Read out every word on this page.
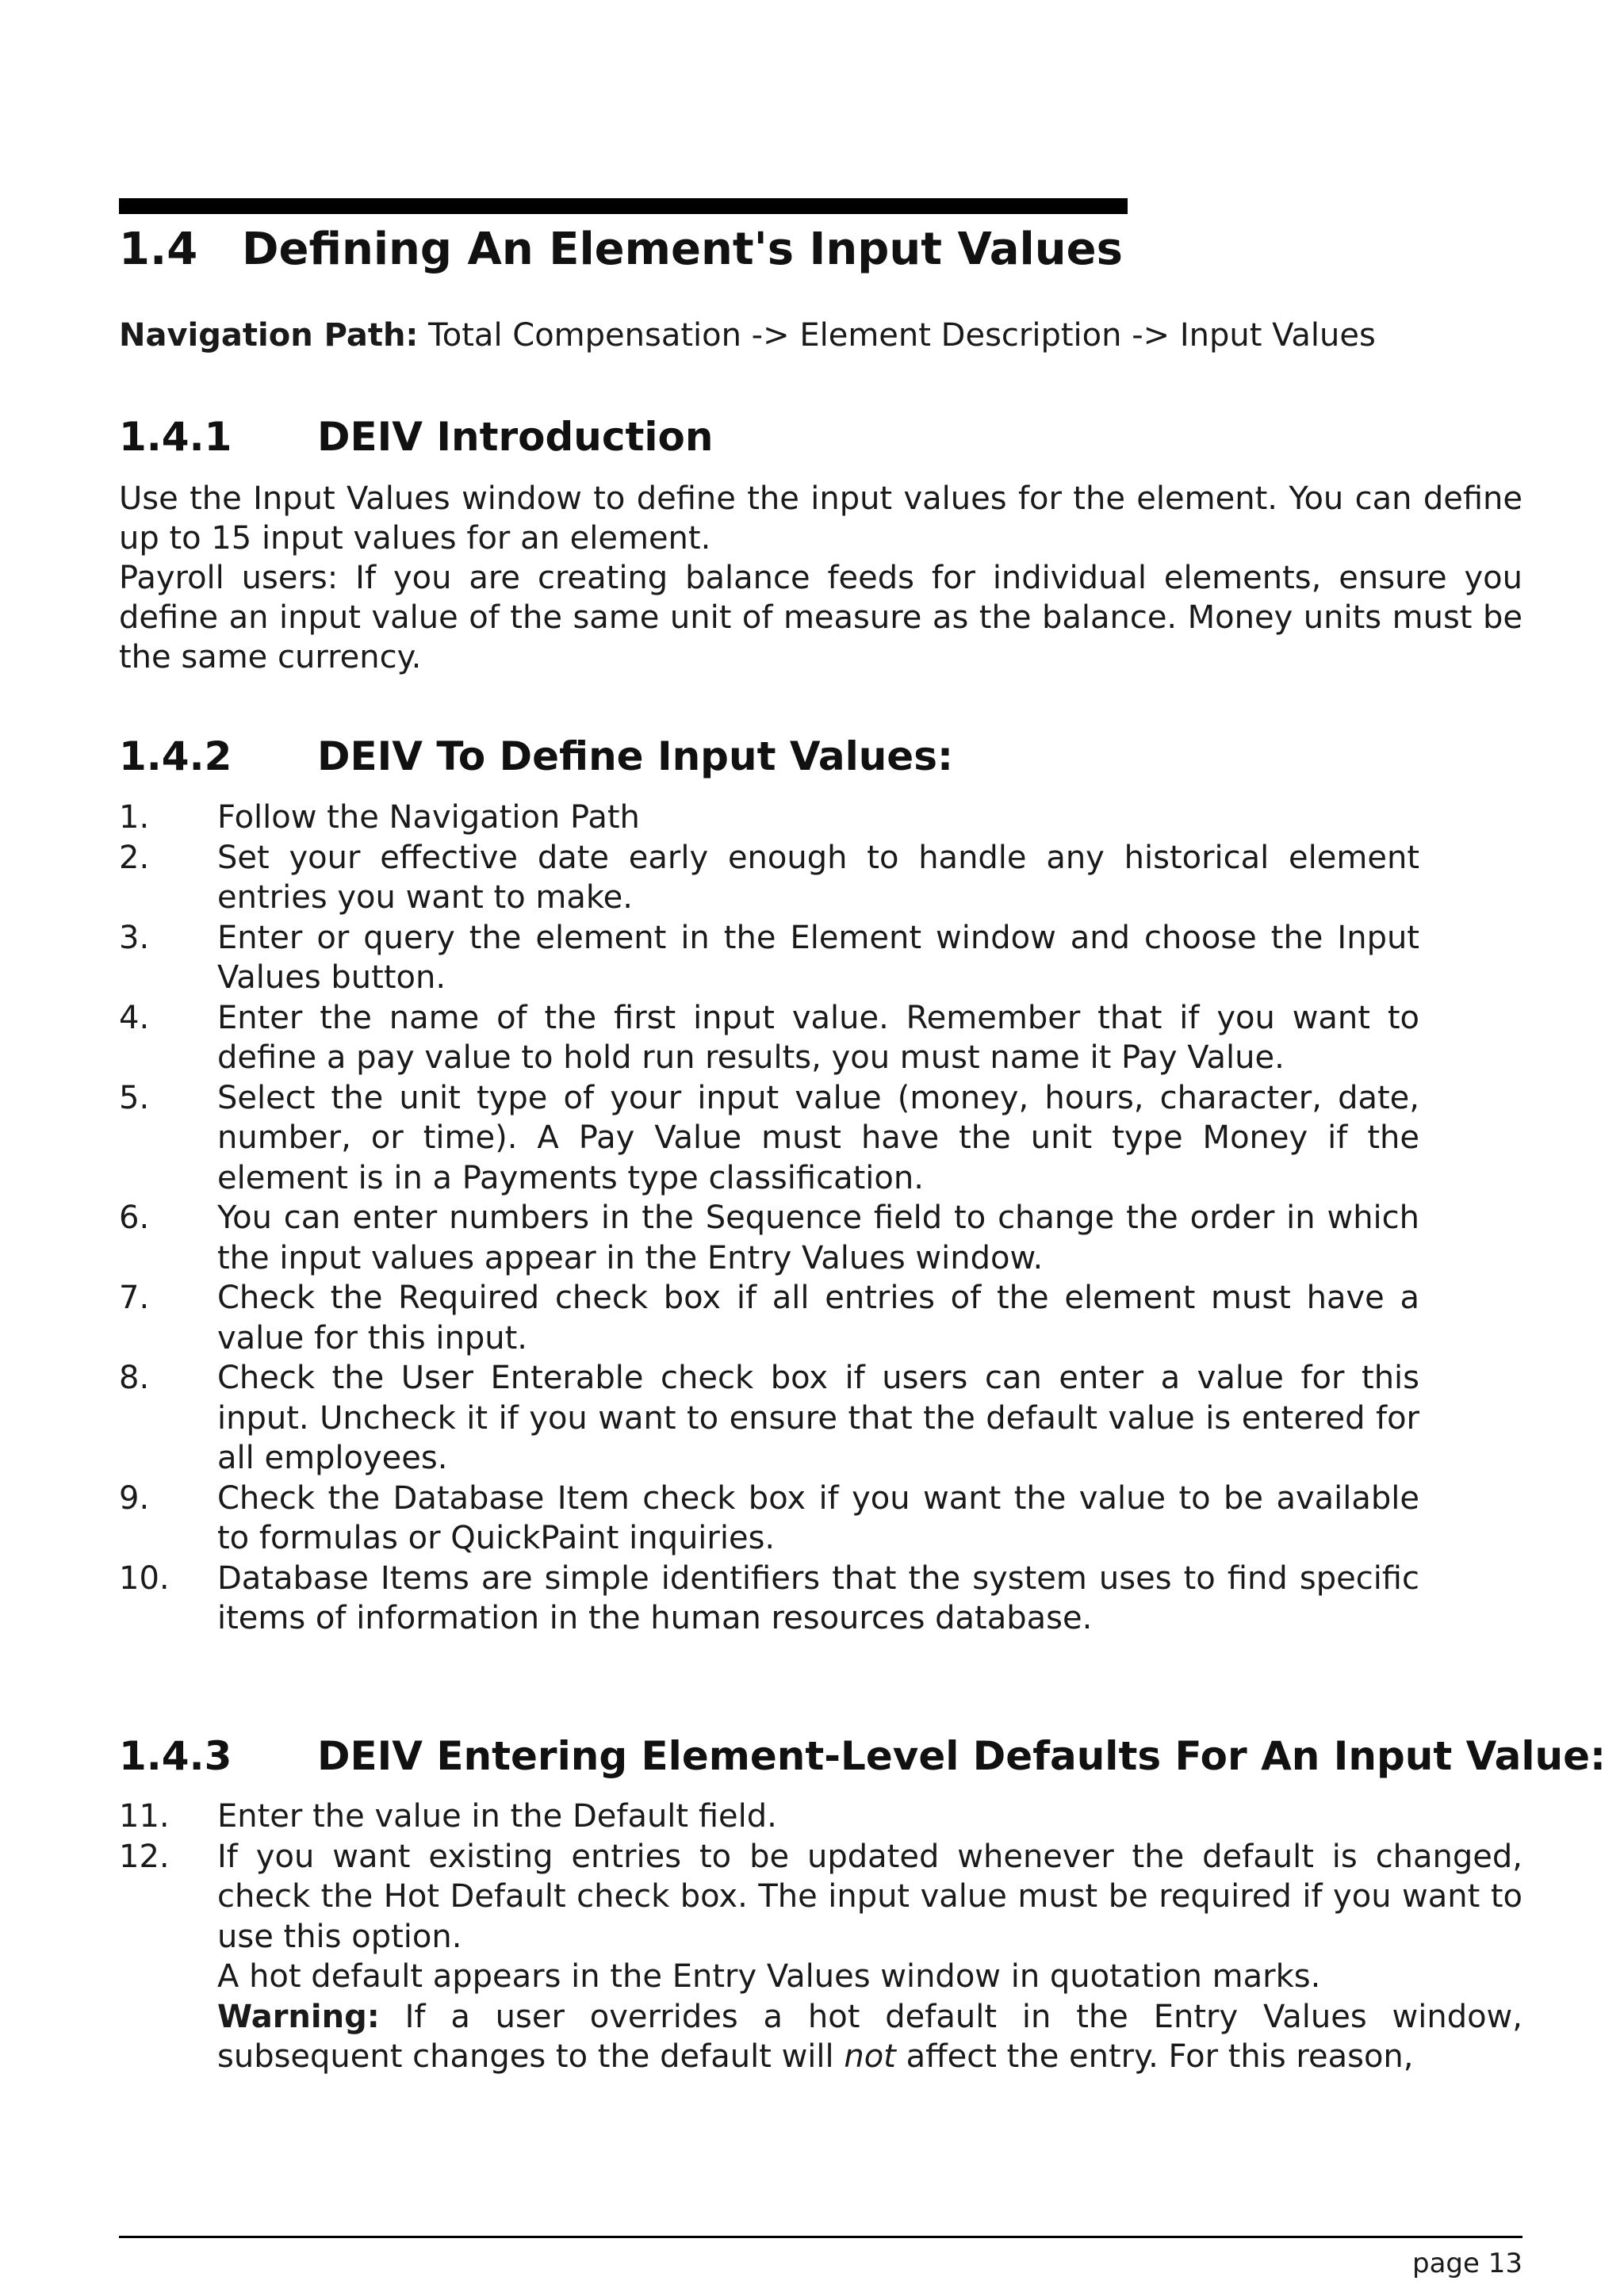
1.4 Defining An Element's Input Values
Navigation Path: Total Compensation -> Element Description -> Input Values
1.4.1 DEIV Introduction
Use the Input Values window to define the input values for the element. You can define up to 15 input values for an element.
Payroll users: If you are creating balance feeds for individual elements, ensure you define an input value of the same unit of measure as the balance. Money units must be the same currency.
1.4.2 DEIV To Define Input Values:
1. Follow the Navigation Path
2. Set your effective date early enough to handle any historical element entries you want to make.
3. Enter or query the element in the Element window and choose the Input Values button.
4. Enter the name of the first input value. Remember that if you want to define a pay value to hold run results, you must name it Pay Value.
5. Select the unit type of your input value (money, hours, character, date, number, or time). A Pay Value must have the unit type Money if the element is in a Payments type classification.
6. You can enter numbers in the Sequence field to change the order in which the input values appear in the Entry Values window.
7. Check the Required check box if all entries of the element must have a value for this input.
8. Check the User Enterable check box if users can enter a value for this input. Uncheck it if you want to ensure that the default value is entered for all employees.
9. Check the Database Item check box if you want the value to be available to formulas or QuickPaint inquiries.
10. Database Items are simple identifiers that the system uses to find specific items of information in the human resources database.
1.4.3 DEIV Entering Element-Level Defaults For An Input Value:
11. Enter the value in the Default field.
12. If you want existing entries to be updated whenever the default is changed, check the Hot Default check box. The input value must be required if you want to use this option.
A hot default appears in the Entry Values window in quotation marks.
Warning: If a user overrides a hot default in the Entry Values window, subsequent changes to the default will not affect the entry. For this reason,
page 13
